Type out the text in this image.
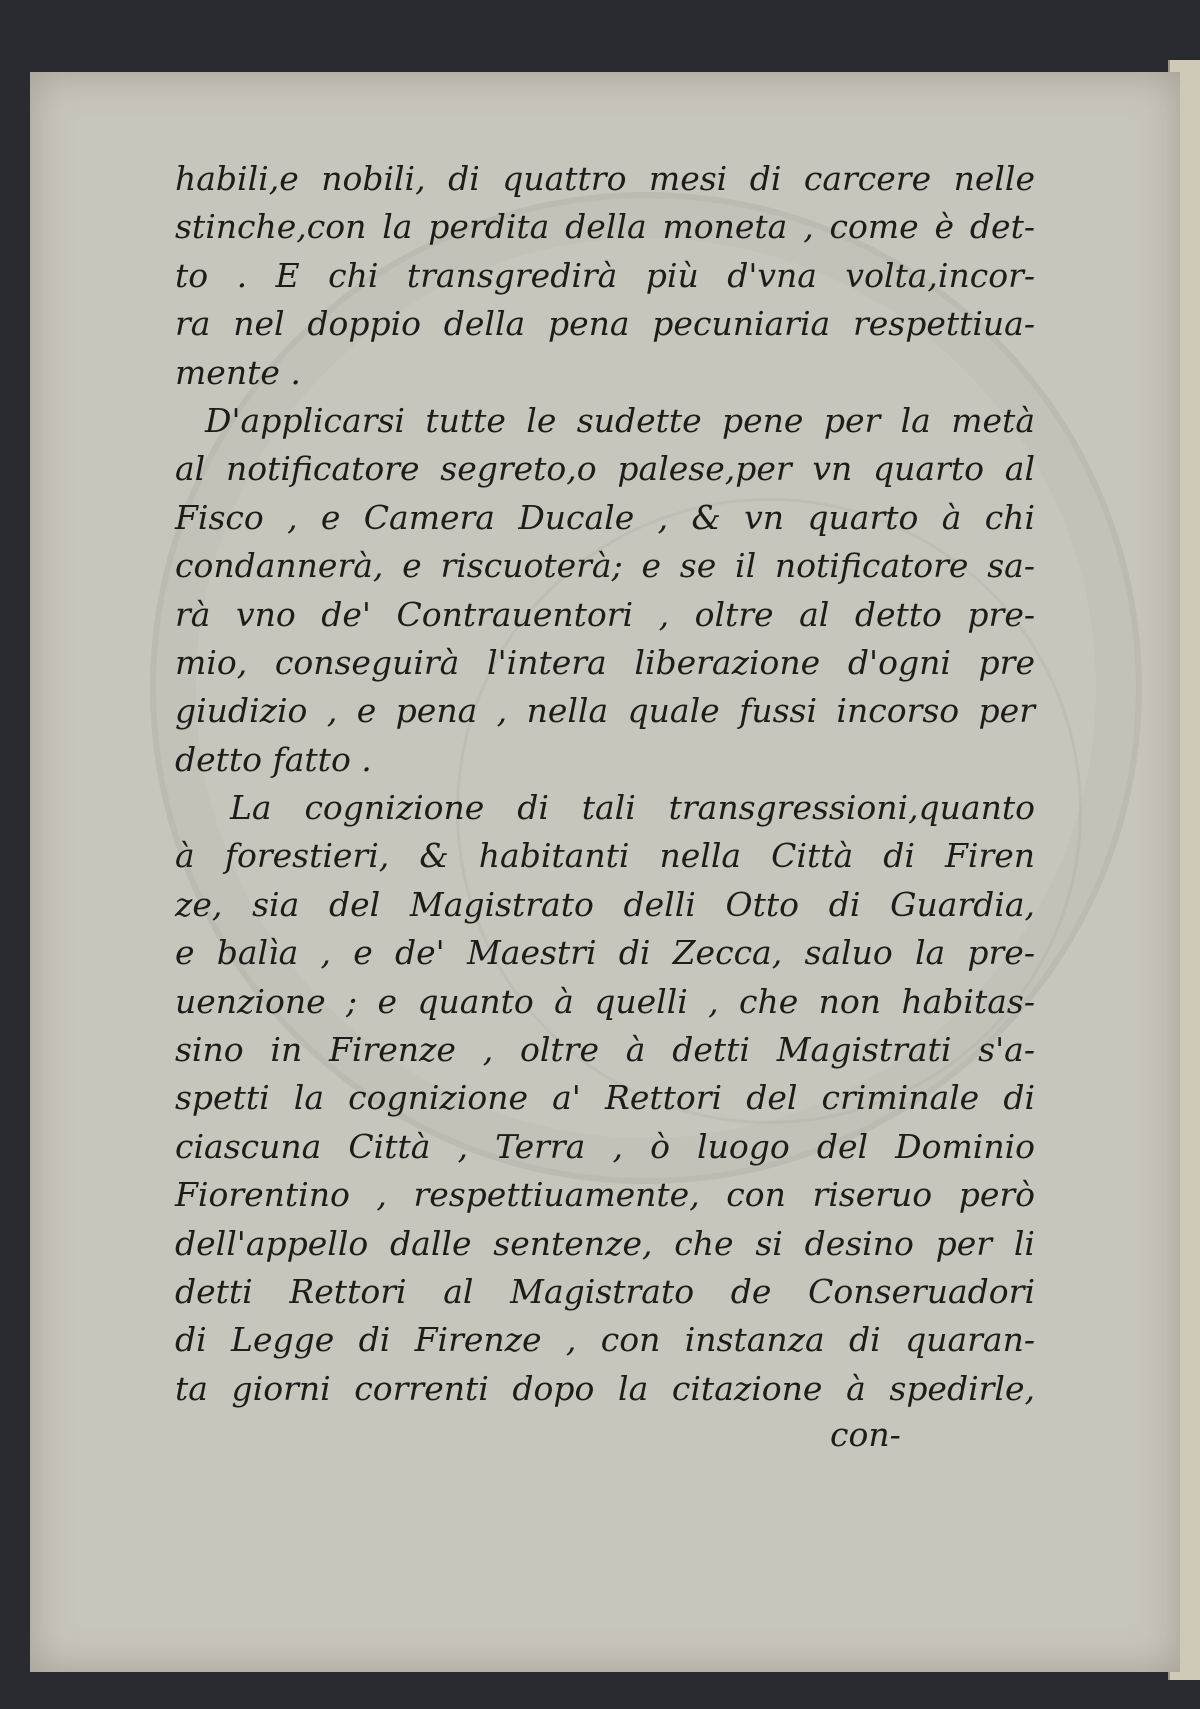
habili,e nobili, di quattro mesi di carcere nelle
stinche,con la perdita della moneta , come è det-
to . E chi transgredirà più d'vna volta,incor-
ra nel doppio della pena pecuniaria respettiua-
mente .
D'applicarsi tutte le sudette pene per la metà
al notificatore segreto,o palese,per vn quarto al
Fisco , e Camera Ducale , & vn quarto à chi
condannerà, e riscuoterà; e se il notificatore sa-
rà vno de' Contrauentori , oltre al detto pre-
mio, conseguirà l'intera liberazione d'ogni pre
giudizio , e pena , nella quale fussi incorso per
detto fatto .
La cognizione di tali transgressioni,quanto
à forestieri, & habitanti nella Città di Firen
ze, sia del Magistrato delli Otto di Guardia,
e balìa , e de' Maestri di Zecca, saluo la pre-
uenzione ; e quanto à quelli , che non habitas-
sino in Firenze , oltre à detti Magistrati s'a-
spetti la cognizione a' Rettori del criminale di
ciascuna Città , Terra , ò luogo del Dominio
Fiorentino , respettiuamente, con riseruo però
dell'appello dalle sentenze, che si desino per li
detti Rettori al Magistrato de Conseruadori
di Legge di Firenze , con instanza di quaran-
ta giorni correnti dopo la citazione à spedirle,
con-
